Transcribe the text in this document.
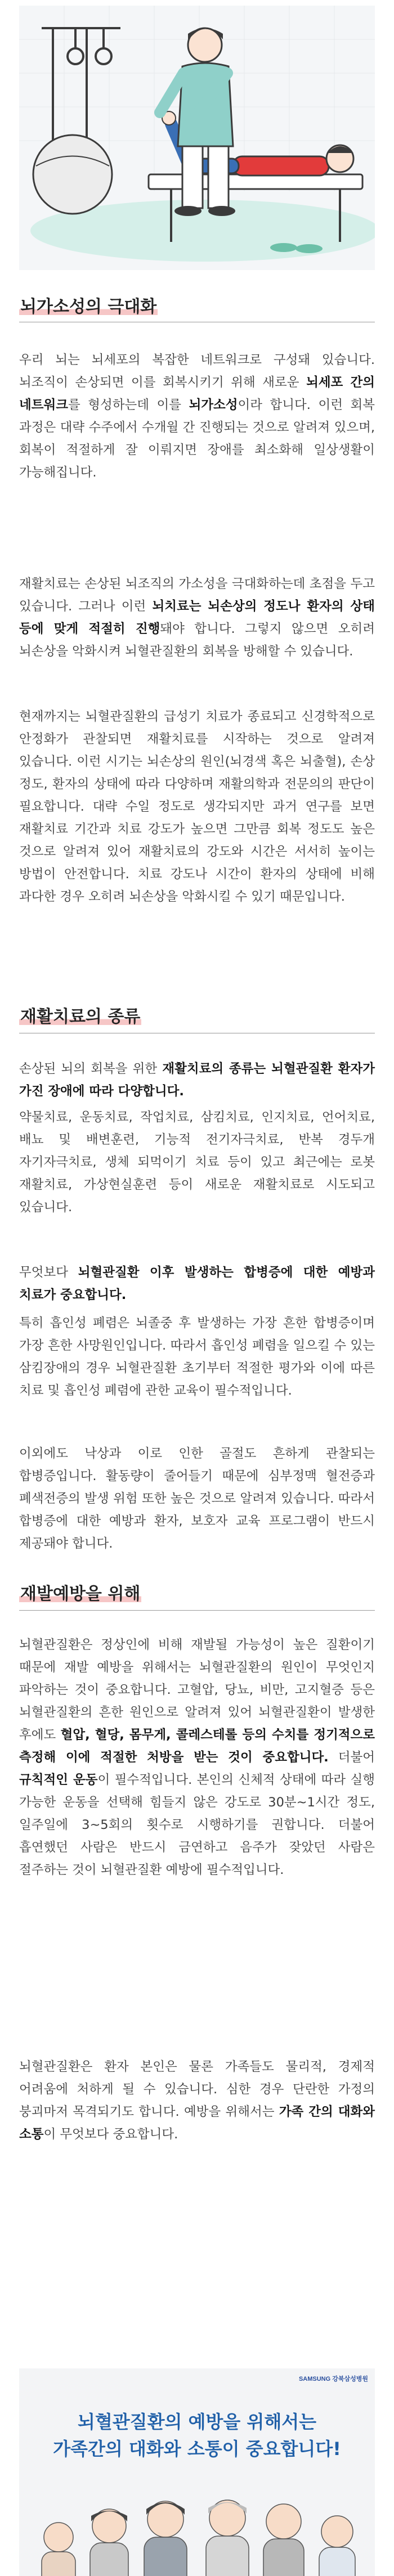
뇌가소성의 극대화

우리 뇌는 뇌세포의 복잡한 네트워크로 구성돼 있습니다. 뇌조직이 손상되면 이를 회복시키기 위해 새로운 뇌세포 간의 네트워크를 형성하는데 이를 뇌가소성이라 합니다. 이런 회복 과정은 대략 수주에서 수개월 간 진행되는 것으로 알려져 있으며, 회복이 적절하게 잘 이뤄지면 장애를 최소화해 일상생활이 가능해집니다.

재활치료는 손상된 뇌조직의 가소성을 극대화하는데 초점을 두고 있습니다. 그러나 이런 뇌치료는 뇌손상의 정도나 환자의 상태 등에 맞게 적절히 진행돼야 합니다. 그렇지 않으면 오히려 뇌손상을 악화시켜 뇌혈관질환의 회복을 방해할 수 있습니다.

현재까지는 뇌혈관질환의 급성기 치료가 종료되고 신경학적으로 안정화가 관찰되면 재활치료를 시작하는 것으로 알려져 있습니다. 이런 시기는 뇌손상의 원인(뇌경색 혹은 뇌출혈), 손상 정도, 환자의 상태에 따라 다양하며 재활의학과 전문의의 판단이 필요합니다. 대략 수일 정도로 생각되지만 과거 연구를 보면 재활치료 기간과 치료 강도가 높으면 그만큼 회복 정도도 높은 것으로 알려져 있어 재활치료의 강도와 시간은 서서히 높이는 방법이 안전합니다. 치료 강도나 시간이 환자의 상태에 비해 과다한 경우 오히려 뇌손상을 악화시킬 수 있기 때문입니다.

재활치료의 종류

손상된 뇌의 회복을 위한 재활치료의 종류는 뇌혈관질환 환자가 가진 장애에 따라 다양합니다.

약물치료, 운동치료, 작업치료, 삼킴치료, 인지치료, 언어치료, 배뇨 및 배변훈련, 기능적 전기자극치료, 반복 경두개 자기자극치료, 생체 되먹이기 치료 등이 있고 최근에는 로봇 재활치료, 가상현실훈련 등이 새로운 재활치료로 시도되고 있습니다.

무엇보다 뇌혈관질환 이후 발생하는 합병증에 대한 예방과 치료가 중요합니다.

특히 흡인성 폐렴은 뇌졸중 후 발생하는 가장 흔한 합병증이며 가장 흔한 사망원인입니다. 따라서 흡인성 폐렴을 일으킬 수 있는 삼킴장애의 경우 뇌혈관질환 초기부터 적절한 평가와 이에 따른 치료 및 흡인성 폐렴에 관한 교육이 필수적입니다.

이외에도 낙상과 이로 인한 골절도 흔하게 관찰되는 합병증입니다. 활동량이 줄어들기 때문에 심부정맥 혈전증과 폐색전증의 발생 위험 또한 높은 것으로 알려져 있습니다. 따라서 합병증에 대한 예방과 환자, 보호자 교육 프로그램이 반드시 제공돼야 합니다.

재발예방을 위해

뇌혈관질환은 정상인에 비해 재발될 가능성이 높은 질환이기 때문에 재발 예방을 위해서는 뇌혈관질환의 원인이 무엇인지 파악하는 것이 중요합니다. 고혈압, 당뇨, 비만, 고지혈증 등은 뇌혈관질환의 흔한 원인으로 알려져 있어 뇌혈관질환이 발생한 후에도 혈압, 혈당, 몸무게, 콜레스테롤 등의 수치를 정기적으로 측정해 이에 적절한 처방을 받는 것이 중요합니다. 더불어 규칙적인 운동이 필수적입니다. 본인의 신체적 상태에 따라 실행 가능한 운동을 선택해 힘들지 않은 강도로 30분~1시간 정도, 일주일에 3~5회의 횟수로 시행하기를 권합니다. 더불어 흡연했던 사람은 반드시 금연하고 음주가 잦았던 사람은 절주하는 것이 뇌혈관질환 예방에 필수적입니다.

뇌혈관질환은 환자 본인은 물론 가족들도 물리적, 경제적 어려움에 처하게 될 수 있습니다. 심한 경우 단란한 가정의 붕괴마저 목격되기도 합니다. 예방을 위해서는 가족 간의 대화와 소통이 무엇보다 중요합니다.

SAMSUNG 강북삼성병원
뇌혈관질환의 예방을 위해서는
가족간의 대화와 소통이 중요합니다!
